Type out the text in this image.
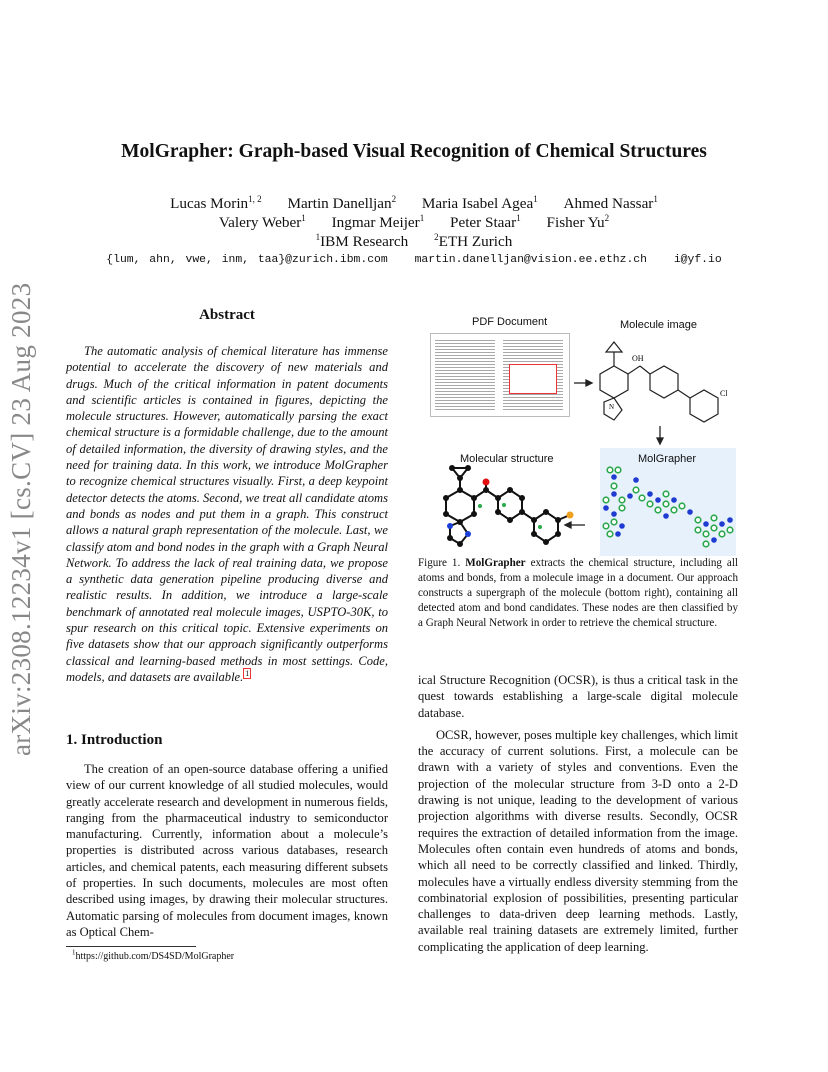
arXiv:2308.12234v1 [cs.CV] 23 Aug 2023
MolGrapher: Graph-based Visual Recognition of Chemical Structures
Lucas Morin$^{1, 2}$ Martin Danelljan$^2$ Maria Isabel Agea$^1$ Ahmed Nassar$^1$
Valery Weber$^1$ Ingmar Meijer$^1$ Peter Staar$^1$ Fisher Yu$^2$
$^1$IBM Research	$^2$ETH Zurich
{lum, ahn, vwe, inm, taa}@zurich.ibm.com martin.danelljan@vision.ee.ethz.ch i@yf.io
Abstract
The automatic analysis of chemical literature has immense potential to accelerate the discovery of new materials and drugs. Much of the critical information in patent documents and scientific articles is contained in figures, depicting the molecule structures. However, automatically parsing the exact chemical structure is a formidable challenge, due to the amount of detailed information, the diversity of drawing styles, and the need for training data. In this work, we introduce MolGrapher to recognize chemical structures visually. First, a deep keypoint detector detects the atoms. Second, we treat all candidate atoms and bonds as nodes and put them in a graph. This construct allows a natural graph representation of the molecule. Last, we classify atom and bond nodes in the graph with a Graph Neural Network. To address the lack of real training data, we propose a synthetic data generation pipeline producing diverse and realistic results. In addition, we introduce a large-scale benchmark of annotated real molecule images, USPTO-30K, to spur research on this critical topic. Extensive experiments on five datasets show that our approach significantly outperforms classical and learning-based methods in most settings. Code, models, and datasets are available. $^1$
1. Introduction
The creation of an open-source database offering a unified view of our current knowledge of all studied molecules, would greatly accelerate research and development in numerous fields, ranging from the pharmaceutical industry to semiconductor manufacturing. Currently, information about a molecule’s properties is distributed across various databases, research articles, and chemical patents, each measuring different subsets of properties. In such documents, molecules are most often described using images, by drawing their molecular structures. Automatic parsing of molecules from document images, known as Optical Chem-
$^1$https://github.com/DS4SD/MolGrapher
PDF Document	Molecule image
Molecular structure	MolGrapher
OH
Cl
N
Figure 1. MolGrapher extracts the chemical structure, including all atoms and bonds, from a molecule image in a document. Our approach constructs a supergraph of the molecule (bottom right), containing all detected atom and bond candidates. These nodes are then classified by a Graph Neural Network in order to retrieve the chemical structure.

ical Structure Recognition (OCSR), is thus a critical task in the quest towards establishing a large-scale digital molecule database.

OCSR, however, poses multiple key challenges, which limit the accuracy of current solutions. First, a molecule can be drawn with a variety of styles and conventions. Even the projection of the molecular structure from 3-D onto a 2-D drawing is not unique, leading to the development of various projection algorithms with diverse results. Secondly, OCSR requires the extraction of detailed information from the image. Molecules often contain even hundreds of atoms and bonds, which all need to be correctly classified and linked. Thirdly, molecules have a virtually endless diversity stemming from the combinatorial explosion of possibilities, presenting particular challenges to data-driven deep learning methods. Lastly, available real training datasets are extremely limited, further complicating the application of deep learning.
